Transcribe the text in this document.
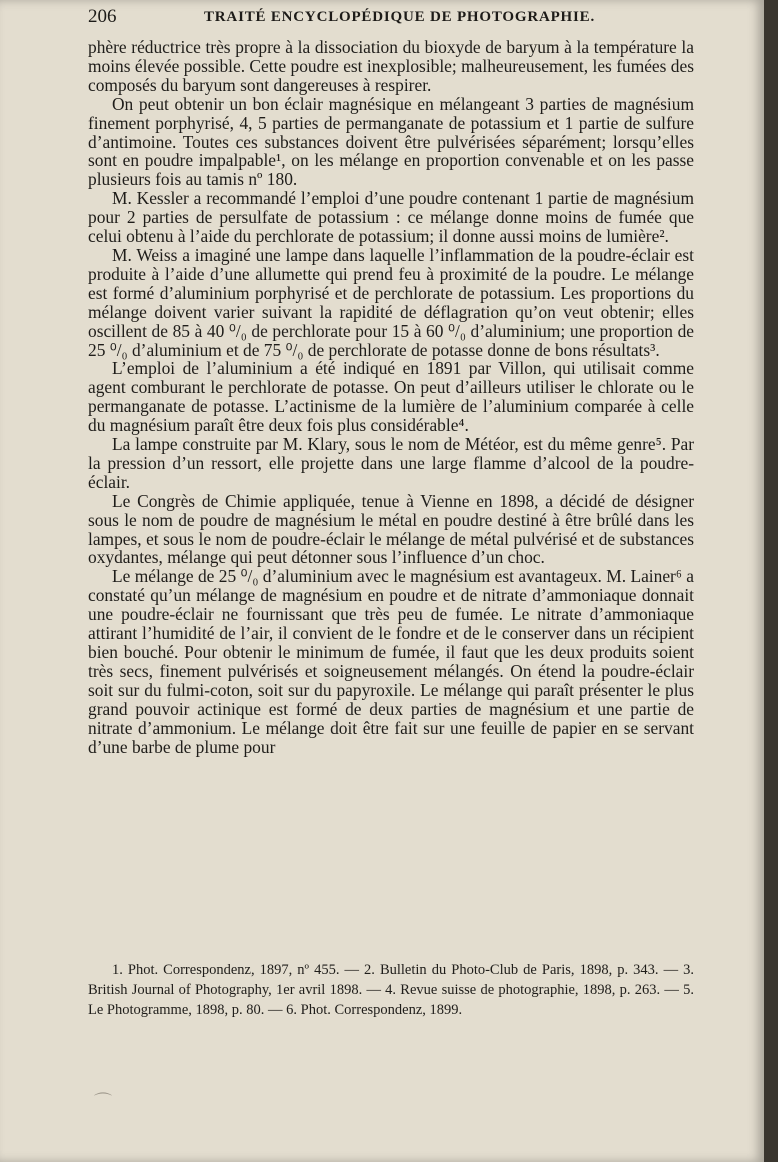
206	TRAITÉ ENCYCLOPÉDIQUE DE PHOTOGRAPHIE.

phère réductrice très propre à la dissociation du bioxyde de baryum à la température la moins élevée possible. Cette poudre est inexplosible; malheureusement, les fumées des composés du baryum sont dangereuses à respirer.

On peut obtenir un bon éclair magnésique en mélangeant 3 parties de magnésium finement porphyrisé, 4, 5 parties de permanganate de potassium et 1 partie de sulfure d’antimoine. Toutes ces substances doivent être pulvérisées séparément; lorsqu’elles sont en poudre impalpable¹, on les mélange en proportion convenable et on les passe plusieurs fois au tamis nº 180.

M. Kessler a recommandé l’emploi d’une poudre contenant 1 partie de magnésium pour 2 parties de persulfate de potassium : ce mélange donne moins de fumée que celui obtenu à l’aide du perchlorate de potassium; il donne aussi moins de lumière².

M. Weiss a imaginé une lampe dans laquelle l’inflammation de la poudre-éclair est produite à l’aide d’une allumette qui prend feu à proximité de la poudre. Le mélange est formé d’aluminium porphyrisé et de perchlorate de potassium. Les proportions du mélange doivent varier suivant la rapidité de déflagration qu’on veut obtenir; elles oscillent de 85 à 40 ⁰/₀ de perchlorate pour 15 à 60 ⁰/₀ d’aluminium; une proportion de 25 ⁰/₀ d’aluminium et de 75 ⁰/₀ de perchlorate de potasse donne de bons résultats³.

L’emploi de l’aluminium a été indiqué en 1891 par Villon, qui utilisait comme agent comburant le perchlorate de potasse. On peut d’ailleurs utiliser le chlorate ou le permanganate de potasse. L’actinisme de la lumière de l’aluminium comparée à celle du magnésium paraît être deux fois plus considérable⁴.

La lampe construite par M. Klary, sous le nom de Météor, est du même genre⁵. Par la pression d’un ressort, elle projette dans une large flamme d’alcool de la poudre-éclair.

Le Congrès de Chimie appliquée, tenue à Vienne en 1898, a décidé de désigner sous le nom de poudre de magnésium le métal en poudre destiné à être brûlé dans les lampes, et sous le nom de poudre-éclair le mélange de métal pulvérisé et de substances oxydantes, mélange qui peut détonner sous l’influence d’un choc.

Le mélange de 25 ⁰/₀ d’aluminium avec le magnésium est avantageux. M. Lainer⁶ a constaté qu’un mélange de magnésium en poudre et de nitrate d’ammoniaque donnait une poudre-éclair ne fournissant que très peu de fumée. Le nitrate d’ammoniaque attirant l’humidité de l’air, il convient de le fondre et de le conserver dans un récipient bien bouché. Pour obtenir le minimum de fumée, il faut que les deux produits soient très secs, finement pulvérisés et soigneusement mélangés. On étend la poudre-éclair soit sur du fulmi-coton, soit sur du papyroxile. Le mélange qui paraît présenter le plus grand pouvoir actinique est formé de deux parties de magnésium et une partie de nitrate d’ammonium. Le mélange doit être fait sur une feuille de papier en se servant d’une barbe de plume pour

1. Phot. Correspondenz, 1897, nº 455. — 2. Bulletin du Photo-Club de Paris, 1898, p. 343. — 3. British Journal of Photography, 1er avril 1898. — 4. Revue suisse de photographie, 1898, p. 263. — 5. Le Photogramme, 1898, p. 80. — 6. Phot. Correspondenz, 1899.

⌒
